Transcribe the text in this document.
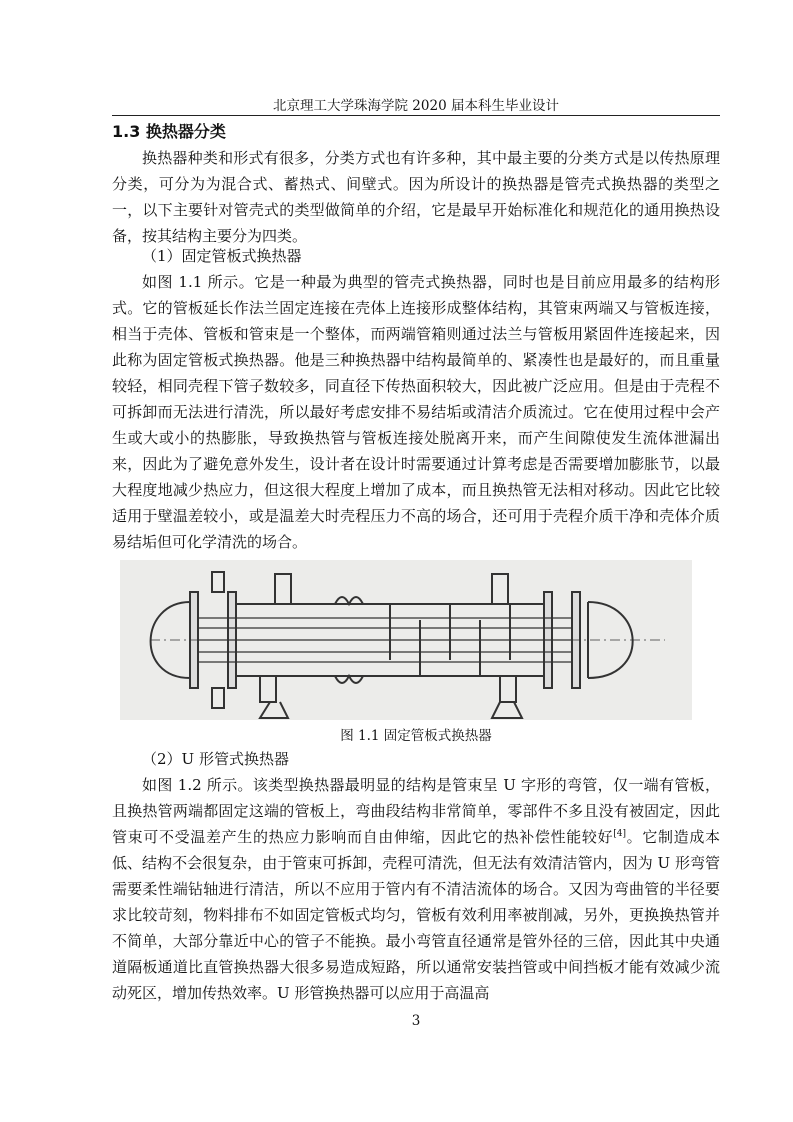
北京理工大学珠海学院 2020 届本科生毕业设计
1.3 换热器分类

换热器种类和形式有很多，分类方式也有许多种，其中最主要的分类方式是以传热原理分类，可分为为混合式、蓄热式、间壁式。因为所设计的换热器是管壳式换热器的类型之一，以下主要针对管壳式的类型做简单的介绍，它是最早开始标准化和规范化的通用换热设备，按其结构主要分为四类。

（1）固定管板式换热器

如图 1.1 所示。它是一种最为典型的管壳式换热器，同时也是目前应用最多的结构形式。它的管板延长作法兰固定连接在壳体上连接形成整体结构，其管束两端又与管板连接，相当于壳体、管板和管束是一个整体，而两端管箱则通过法兰与管板用紧固件连接起来，因此称为固定管板式换热器。他是三种换热器中结构最简单的、紧凑性也是最好的，而且重量较轻，相同壳程下管子数较多，同直径下传热面积较大，因此被广泛应用。但是由于壳程不可拆卸而无法进行清洗，所以最好考虑安排不易结垢或清洁介质流过。它在使用过程中会产生或大或小的热膨胀，导致换热管与管板连接处脱离开来，而产生间隙使发生流体泄漏出来，因此为了避免意外发生，设计者在设计时需要通过计算考虑是否需要增加膨胀节，以最大程度地减少热应力，但这很大程度上增加了成本，而且换热管无法相对移动。因此它比较适用于壁温差较小，或是温差大时壳程压力不高的场合，还可用于壳程介质干净和壳体介质易结垢但可化学清洗的场合。

图 1.1 固定管板式换热器
（2）U 形管式换热器

如图 1.2 所示。该类型换热器最明显的结构是管束呈 U 字形的弯管，仅一端有管板，且换热管两端都固定这端的管板上，弯曲段结构非常简单，零部件不多且没有被固定，因此管束可不受温差产生的热应力影响而自由伸缩，因此它的热补偿性能较好[4]。它制造成本低、结构不会很复杂，由于管束可拆卸，壳程可清洗，但无法有效清洁管内，因为 U 形弯管需要柔性端钻轴进行清洁，所以不应用于管内有不清洁流体的场合。又因为弯曲管的半径要求比较苛刻，物料排布不如固定管板式均匀，管板有效利用率被削减，另外，更换换热管并不简单，大部分靠近中心的管子不能换。最小弯管直径通常是管外径的三倍，因此其中央通道隔板通道比直管换热器大很多易造成短路，所以通常安装挡管或中间挡板才能有效减少流动死区，增加传热效率。U 形管换热器可以应用于高温高

3
